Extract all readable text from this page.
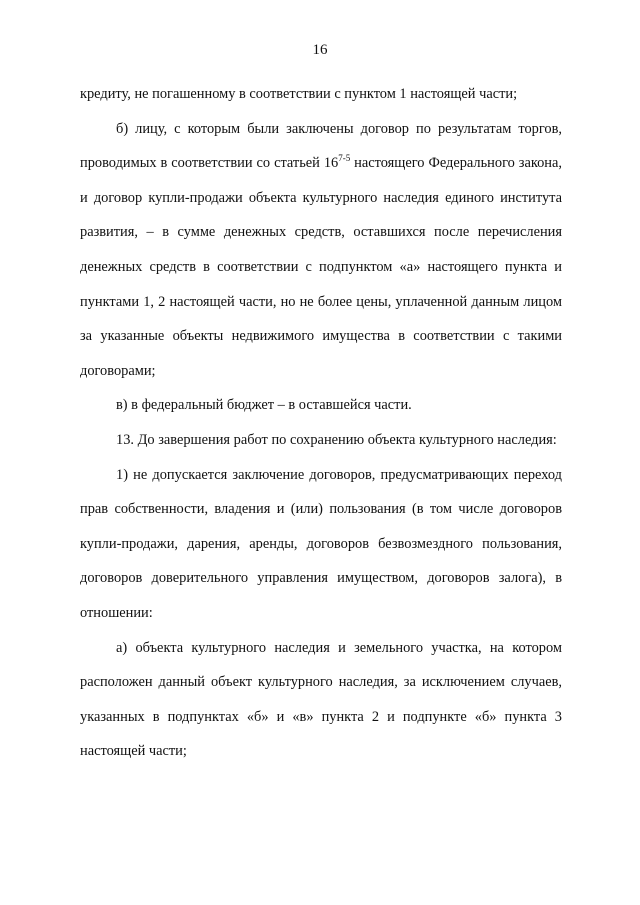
16

кредиту, не погашенному в соответствии с пунктом 1 настоящей части;

б) лицу, с которым были заключены договор по результатам торгов, проводимых в соответствии со статьей 16$^{7-5}$ настоящего Федерального закона, и договор купли-продажи объекта культурного наследия единого института развития, – в сумме денежных средств, оставшихся после перечисления денежных средств в соответствии с подпунктом «а» настоящего пункта и пунктами 1, 2 настоящей части, но не более цены, уплаченной данным лицом за указанные объекты недвижимого имущества в соответствии с такими договорами;

в) в федеральный бюджет – в оставшейся части.

13. До завершения работ по сохранению объекта культурного наследия:

1) не допускается заключение договоров, предусматривающих переход прав собственности, владения и (или) пользования (в том числе договоров купли-продажи, дарения, аренды, договоров безвозмездного пользования, договоров доверительного управления имуществом, договоров залога), в отношении:

а) объекта культурного наследия и земельного участка, на котором расположен данный объект культурного наследия, за исключением случаев, указанных в подпунктах «б» и «в» пункта 2 и подпункте «б» пункта 3 настоящей части;
